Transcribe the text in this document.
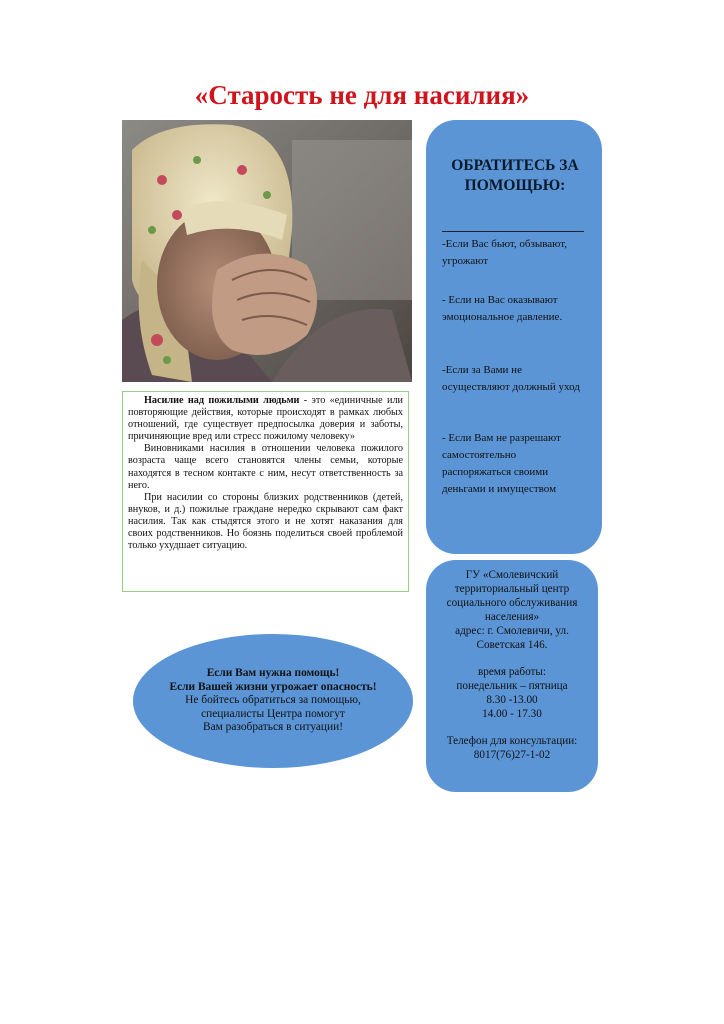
«Старость не для насилия»

Насилие над пожилыми людьми - это «единичные или повторяющие действия, которые происходят в рамках любых отношений, где существует предпосылка доверия и заботы, причиняющие вред или стресс пожилому человеку»

Виновниками насилия в отношении человека пожилого возраста чаще всего становятся члены семьи, которые находятся в тесном контакте с ним, несут ответственность за него.

При насилии со стороны близких родственников (детей, внуков, и д.) пожилые граждане нередко скрывают сам факт насилия. Так как стыдятся этого и не хотят наказания для своих родственников. Но боязнь поделиться своей проблемой только ухудшает ситуацию.

ОБРАТИТЕСЬ ЗА ПОМОЩЬЮ:
-Если Вас бьют, обзывают, угрожают
- Если на Вас оказывают эмоциональное давление.
-Если за Вами не осуществляют должный уход
- Если Вам не разрешают самостоятельно распоряжаться своими деньгами и имуществом

ГУ «Смолевичский территориальный центр социального обслуживания населения»

адрес: г. Смолевичи, ул. Советская 146.

время работы:

понедельник – пятница

8.30 -13.00

14.00 - 17.30

Телефон для консультации:

8017(76)27-1-02

Если Вам нужна помощь!
Если Вашей жизни угрожает опасность!
Не бойтесь обратиться за помощью,
специалисты Центра помогут
Вам разобраться в ситуации!
